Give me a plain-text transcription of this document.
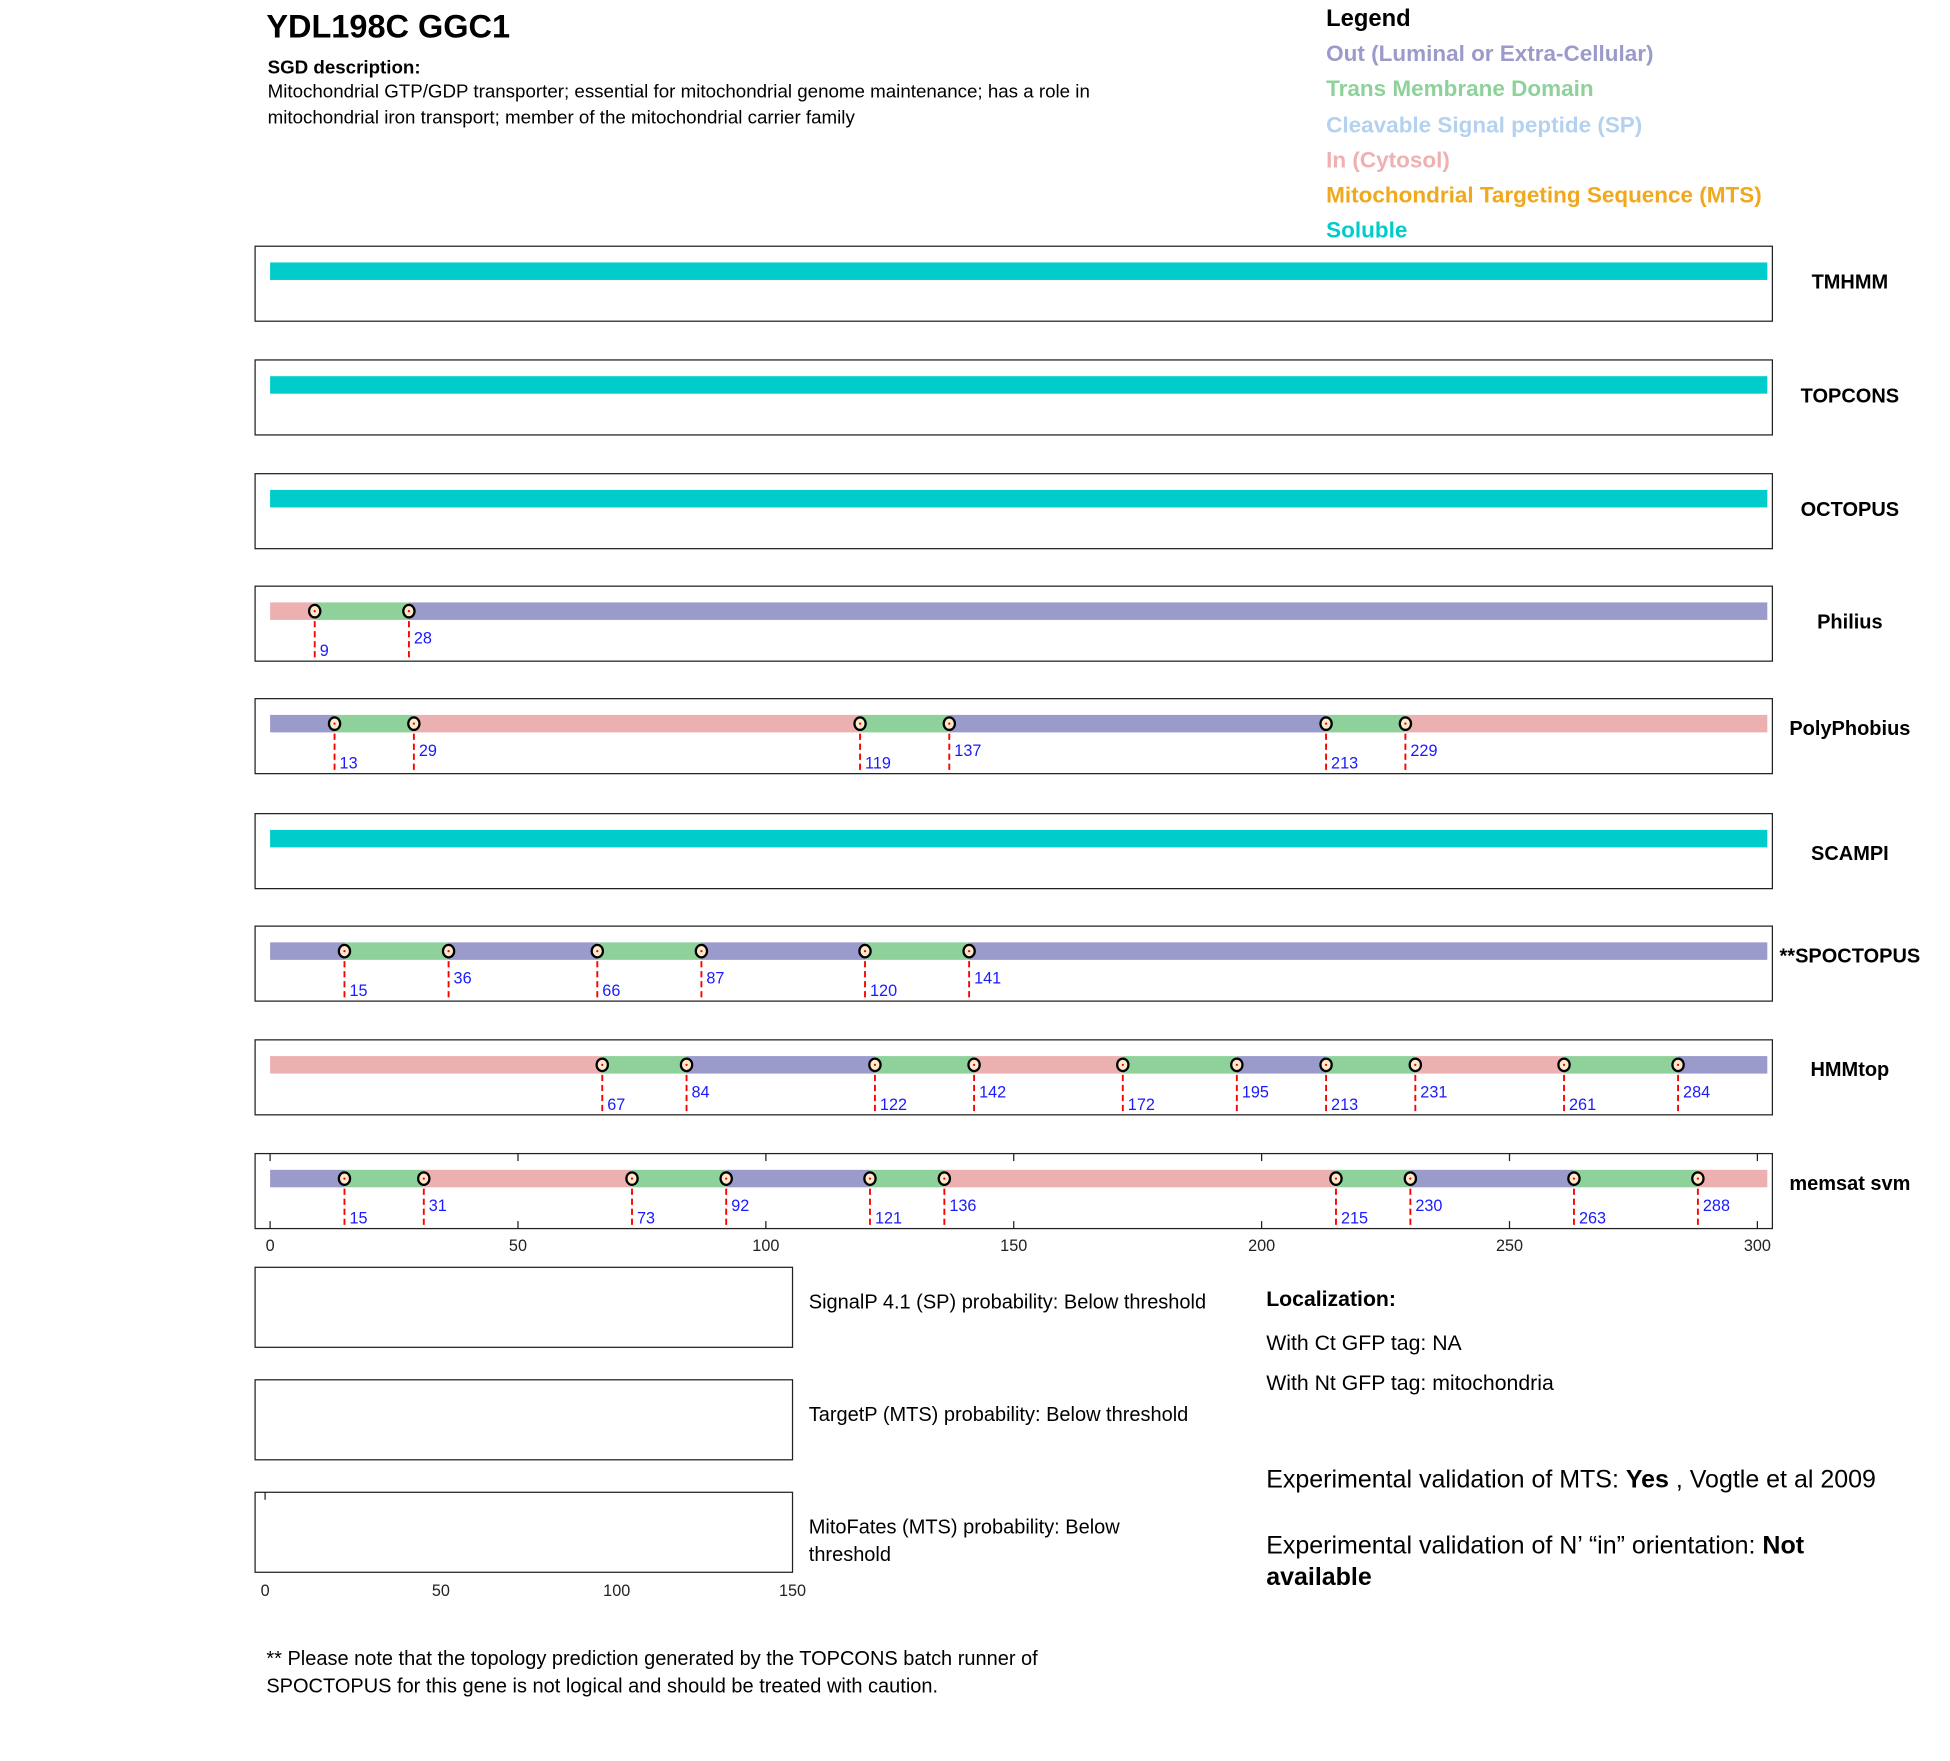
YDL198C GGC1
SGD description:
Mitochondrial GTP/GDP transporter; essential for mitochondrial genome maintenance; has a role in
mitochondrial iron transport; member of the mitochondrial carrier family
Legend
Out (Luminal or Extra-Cellular)
Trans Membrane Domain
Cleavable Signal peptide (SP)
In (Cytosol)
Mitochondrial Targeting Sequence (MTS)
Soluble
TMHMM
TOPCONS
OCTOPUS
9
28
Philius
13
29
119
137
213
229
PolyPhobius
SCAMPI
15
36
66
87
120
141
**SPOCTOPUS
67
84
122
142
172
195
213
231
261
284
HMMtop
0	50	100	150	200	250	300
15
31
73
92
121
136
215
230
263
288
memsat svm
SignalP 4.1 (SP) probability: Below threshold
TargetP (MTS) probability: Below threshold
MitoFates (MTS) probability: Below
threshold
0	50	100	150
Localization:
With Ct GFP tag: NA
With Nt GFP tag: mitochondria
Experimental validation of MTS: Yes , Vogtle et al 2009
Experimental validation of N’ “in” orientation: Not
available
** Please note that the topology prediction generated by the TOPCONS batch runner of
SPOCTOPUS for this gene is not logical and should be treated with caution.
